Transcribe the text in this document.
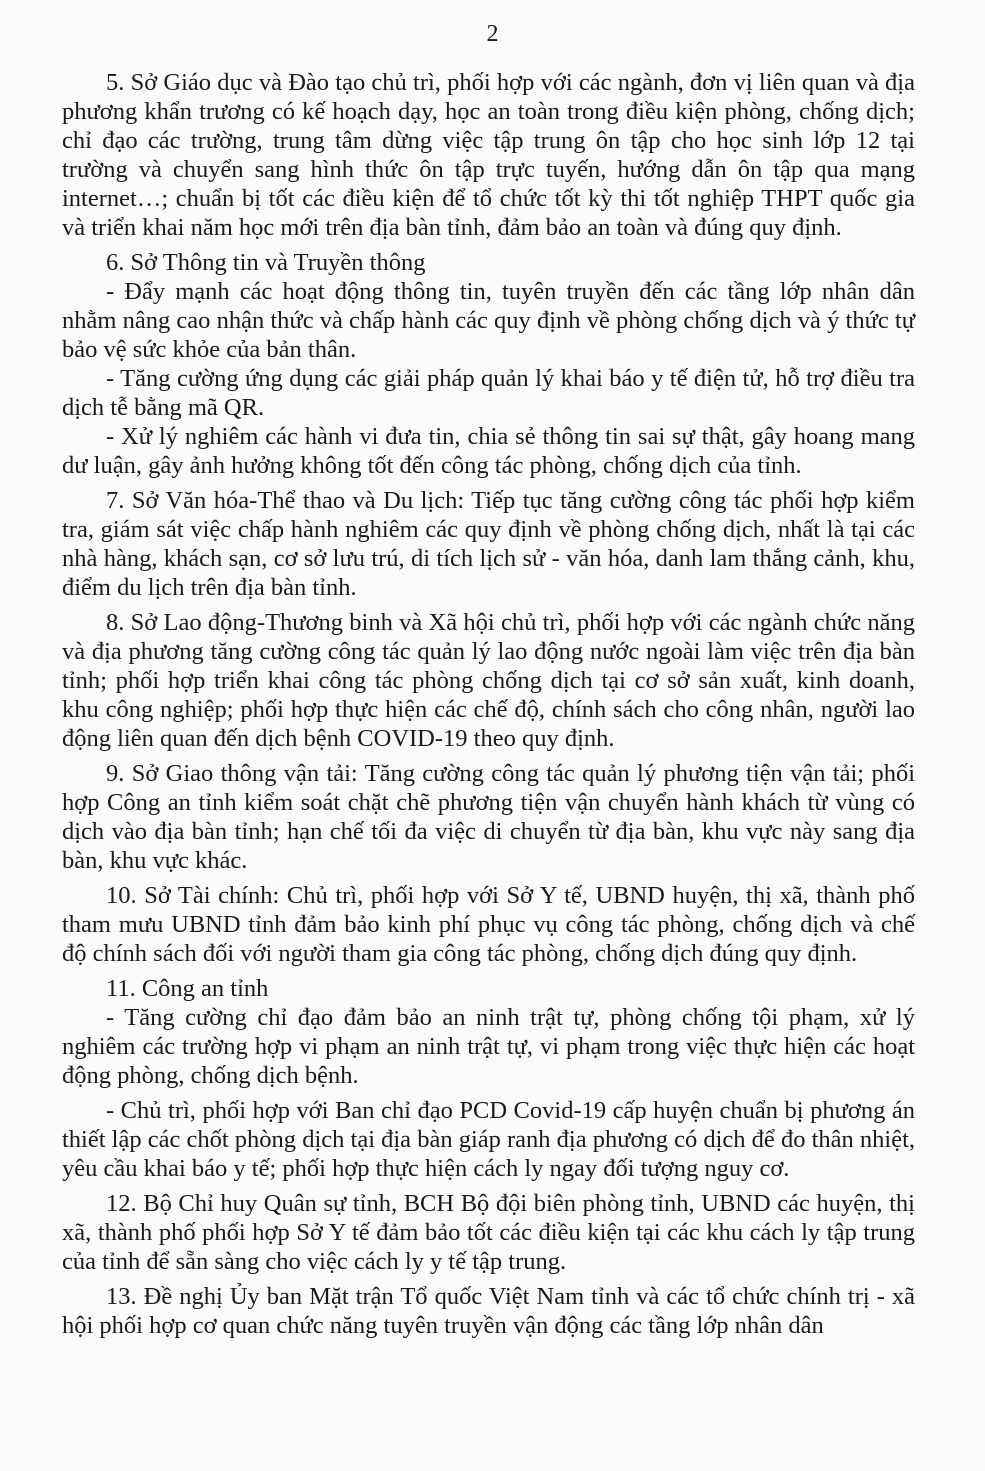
2

5. Sở Giáo dục và Đào tạo chủ trì, phối hợp với các ngành, đơn vị liên quan và địa phương khẩn trương có kế hoạch dạy, học an toàn trong điều kiện phòng, chống dịch; chỉ đạo các trường, trung tâm dừng việc tập trung ôn tập cho học sinh lớp 12 tại trường và chuyển sang hình thức ôn tập trực tuyến, hướng dẫn ôn tập qua mạng internet…; chuẩn bị tốt các điều kiện để tổ chức tốt kỳ thi tốt nghiệp THPT quốc gia và triển khai năm học mới trên địa bàn tỉnh, đảm bảo an toàn và đúng quy định.

6. Sở Thông tin và Truyền thông

- Đẩy mạnh các hoạt động thông tin, tuyên truyền đến các tầng lớp nhân dân nhằm nâng cao nhận thức và chấp hành các quy định về phòng chống dịch và ý thức tự bảo vệ sức khỏe của bản thân.

- Tăng cường ứng dụng các giải pháp quản lý khai báo y tế điện tử, hỗ trợ điều tra dịch tễ bằng mã QR.

- Xử lý nghiêm các hành vi đưa tin, chia sẻ thông tin sai sự thật, gây hoang mang dư luận, gây ảnh hưởng không tốt đến công tác phòng, chống dịch của tỉnh.

7. Sở Văn hóa-Thể thao và Du lịch: Tiếp tục tăng cường công tác phối hợp kiểm tra, giám sát việc chấp hành nghiêm các quy định về phòng chống dịch, nhất là tại các nhà hàng, khách sạn, cơ sở lưu trú, di tích lịch sử - văn hóa, danh lam thắng cảnh, khu, điểm du lịch trên địa bàn tỉnh.

8. Sở Lao động-Thương binh và Xã hội chủ trì, phối hợp với các ngành chức năng và địa phương tăng cường công tác quản lý lao động nước ngoài làm việc trên địa bàn tỉnh; phối hợp triển khai công tác phòng chống dịch tại cơ sở sản xuất, kinh doanh, khu công nghiệp; phối hợp thực hiện các chế độ, chính sách cho công nhân, người lao động liên quan đến dịch bệnh COVID-19 theo quy định.

9. Sở Giao thông vận tải: Tăng cường công tác quản lý phương tiện vận tải; phối hợp Công an tỉnh kiểm soát chặt chẽ phương tiện vận chuyển hành khách từ vùng có dịch vào địa bàn tỉnh; hạn chế tối đa việc di chuyển từ địa bàn, khu vực này sang địa bàn, khu vực khác.

10. Sở Tài chính: Chủ trì, phối hợp với Sở Y tế, UBND huyện, thị xã, thành phố tham mưu UBND tỉnh đảm bảo kinh phí phục vụ công tác phòng, chống dịch và chế độ chính sách đối với người tham gia công tác phòng, chống dịch đúng quy định.

11. Công an tỉnh

- Tăng cường chỉ đạo đảm bảo an ninh trật tự, phòng chống tội phạm, xử lý nghiêm các trường hợp vi phạm an ninh trật tự, vi phạm trong việc thực hiện các hoạt động phòng, chống dịch bệnh.

- Chủ trì, phối hợp với Ban chỉ đạo PCD Covid-19 cấp huyện chuẩn bị phương án thiết lập các chốt phòng dịch tại địa bàn giáp ranh địa phương có dịch để đo thân nhiệt, yêu cầu khai báo y tế; phối hợp thực hiện cách ly ngay đối tượng nguy cơ.

12. Bộ Chỉ huy Quân sự tỉnh, BCH Bộ đội biên phòng tỉnh, UBND các huyện, thị xã, thành phố phối hợp Sở Y tế đảm bảo tốt các điều kiện tại các khu cách ly tập trung của tỉnh để sẵn sàng cho việc cách ly y tế tập trung.

13. Đề nghị Ủy ban Mặt trận Tổ quốc Việt Nam tỉnh và các tổ chức chính trị - xã hội phối hợp cơ quan chức năng tuyên truyền vận động các tầng lớp nhân dân
